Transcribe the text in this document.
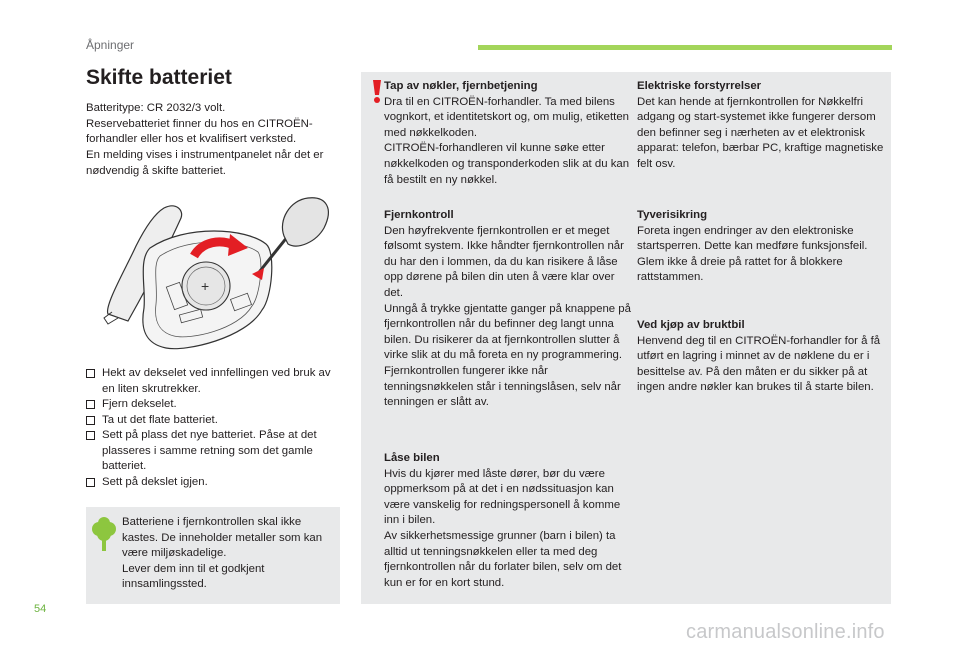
Åpninger
Skifte batteriet

Batteritype: CR 2032/3 volt.

Reservebatteriet finner du hos en CITROËN-forhandler eller hos et kvalifisert verksted.

En melding vises i instrumentpanelet når det er nødvendig å skifte batteriet.

+
Hekt av dekselet ved innfellingen ved bruk av en liten skrutrekker.
Fjern dekselet.
Ta ut det flate batteriet.
Sett på plass det nye batteriet. Påse at det plasseres i samme retning som det gamle batteriet.
Sett på dekslet igjen.

Batteriene i fjernkontrollen skal ikke kastes. De inneholder metaller som kan være miljøskadelige.

Lever dem inn til et godkjent innsamlingssted.

Tap av nøkler, fjernbetjening

Dra til en CITROËN-forhandler. Ta med bilens vognkort, et identitetskort og, om mulig, etiketten med nøkkelkoden.

CITROËN-forhandleren vil kunne søke etter nøkkelkoden og transponderkoden slik at du kan få bestilt en ny nøkkel.

Fjernkontroll

Den høyfrekvente fjernkontrollen er et meget følsomt system. Ikke håndter fjernkontrollen når du har den i lommen, da du kan risikere å låse opp dørene på bilen din uten å være klar over det.

Unngå å trykke gjentatte ganger på knappene på fjernkontrollen når du befinner deg langt unna bilen. Du risikerer da at fjernkontrollen slutter å virke slik at du må foreta en ny programmering.

Fjernkontrollen fungerer ikke når tenningsnøkkelen står i tenningslåsen, selv når tenningen er slått av.

Låse bilen

Hvis du kjører med låste dører, bør du være oppmerksom på at det i en nødssituasjon kan være vanskelig for redningspersonell å komme inn i bilen.

Av sikkerhetsmessige grunner (barn i bilen) ta alltid ut tenningsnøkkelen eller ta med deg fjernkontrollen når du forlater bilen, selv om det kun er for en kort stund.

Elektriske forstyrrelser

Det kan hende at fjernkontrollen for Nøkkelfri adgang og start-systemet ikke fungerer dersom den befinner seg i nærheten av et elektronisk apparat: telefon, bærbar PC, kraftige magnetiske felt osv.

Tyverisikring

Foreta ingen endringer av den elektroniske startsperren. Dette kan medføre funksjonsfeil. Glem ikke å dreie på rattet for å blokkere rattstammen.

Ved kjøp av bruktbil

Henvend deg til en CITROËN-forhandler for å få utført en lagring i minnet av de nøklene du er i besittelse av. På den måten er du sikker på at ingen andre nøkler kan brukes til å starte bilen.

54
carmanualsonline.info
